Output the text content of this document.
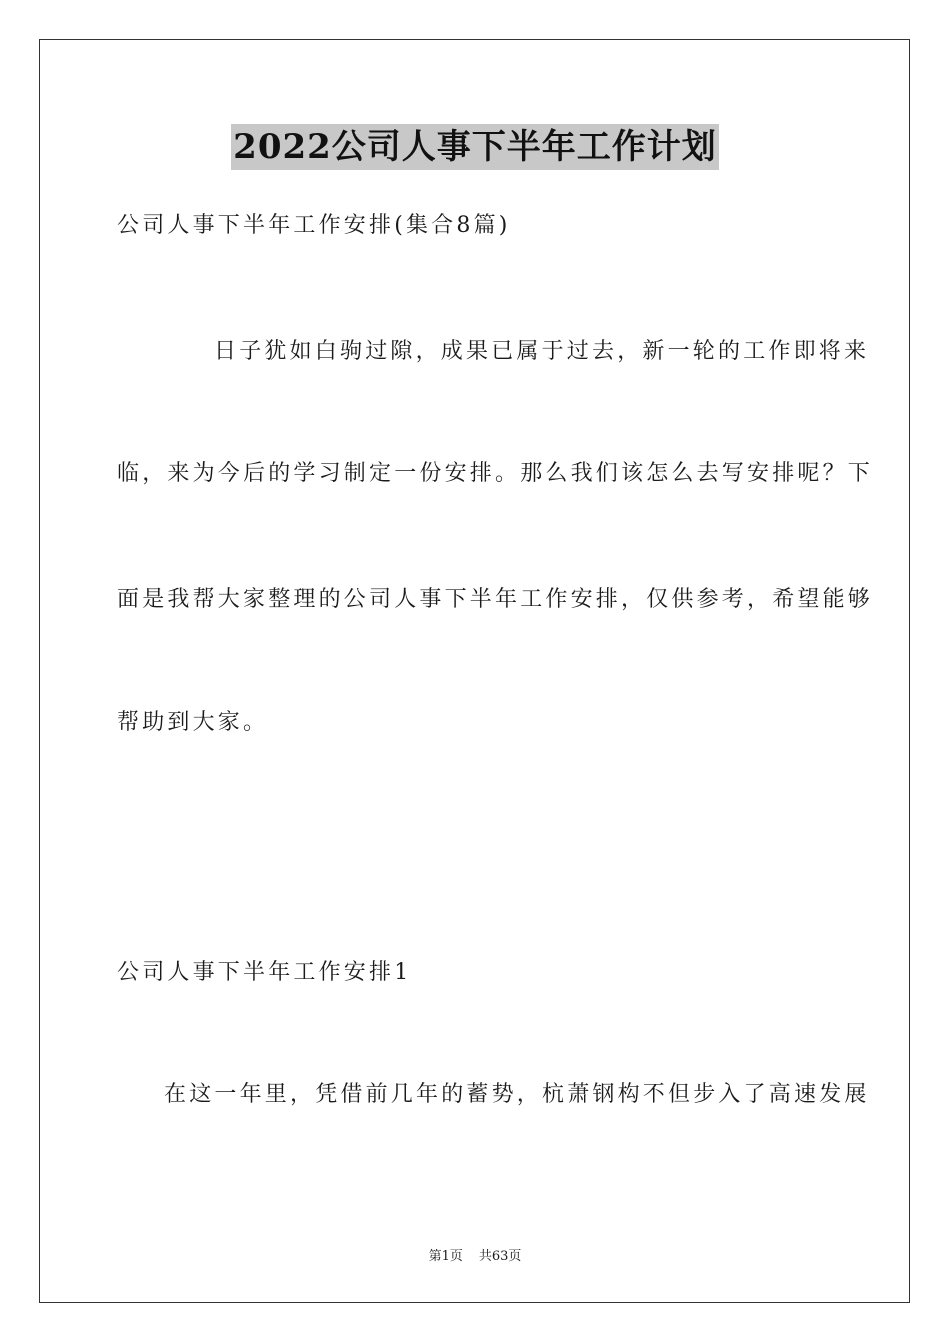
2022公司人事下半年工作计划
公司人事下半年工作安排(集合8篇)
日子犹如白驹过隙，成果已属于过去，新一轮的工作即将来
临，来为今后的学习制定一份安排。那么我们该怎么去写安排呢？下
面是我帮大家整理的公司人事下半年工作安排，仅供参考，希望能够
帮助到大家。
公司人事下半年工作安排1
在这一年里，凭借前几年的蓄势，杭萧钢构不但步入了高速发展
第1页 共63页
